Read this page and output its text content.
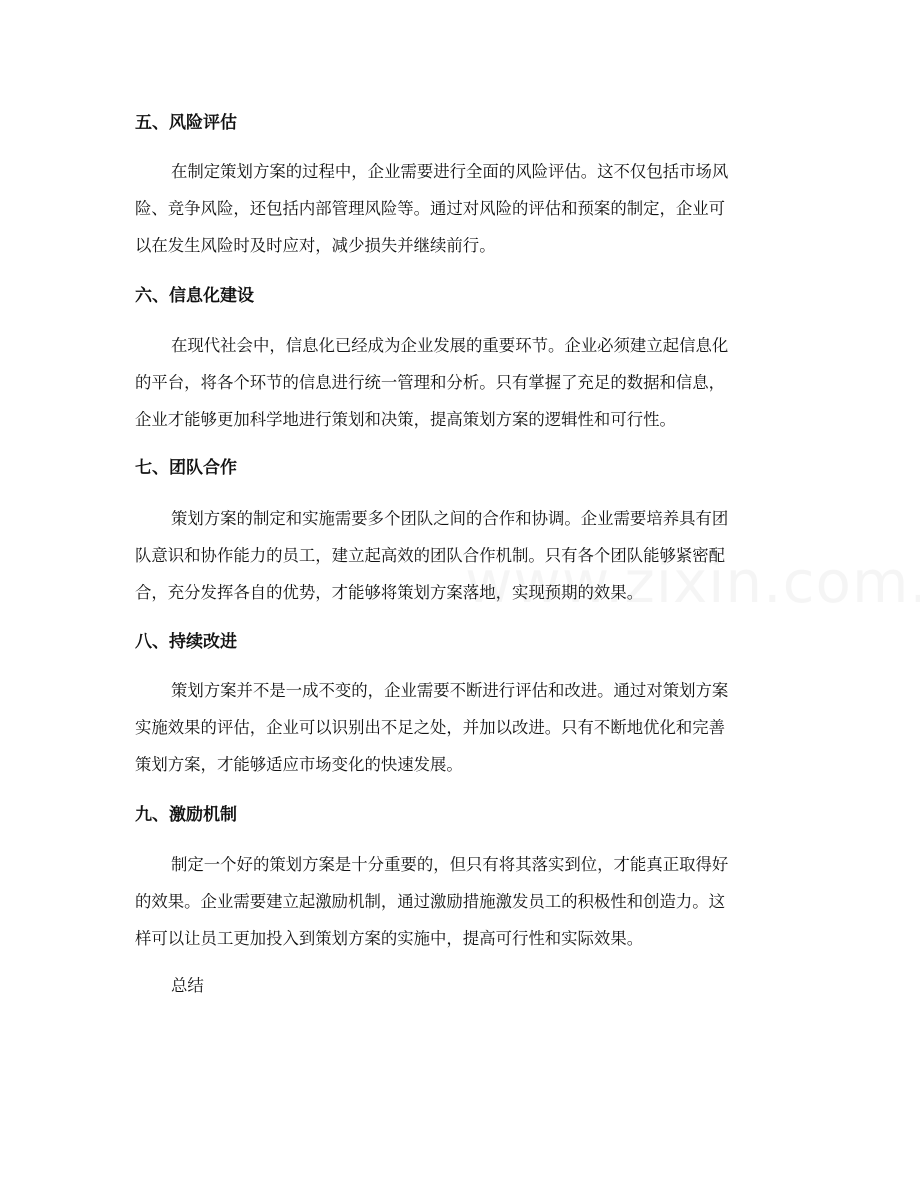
五、风险评估

在制定策划方案的过程中，企业需要进行全面的风险评估。这不仅包括市场风
险、竞争风险，还包括内部管理风险等。通过对风险的评估和预案的制定，企业可
以在发生风险时及时应对，减少损失并继续前行。

六、信息化建设

在现代社会中，信息化已经成为企业发展的重要环节。企业必须建立起信息化
的平台，将各个环节的信息进行统一管理和分析。只有掌握了充足的数据和信息，
企业才能够更加科学地进行策划和决策，提高策划方案的逻辑性和可行性。

七、团队合作

策划方案的制定和实施需要多个团队之间的合作和协调。企业需要培养具有团
队意识和协作能力的员工，建立起高效的团队合作机制。只有各个团队能够紧密配
合，充分发挥各自的优势，才能够将策划方案落地，实现预期的效果。

八、持续改进

策划方案并不是一成不变的，企业需要不断进行评估和改进。通过对策划方案
实施效果的评估，企业可以识别出不足之处，并加以改进。只有不断地优化和完善
策划方案，才能够适应市场变化的快速发展。

九、激励机制

制定一个好的策划方案是十分重要的，但只有将其落实到位，才能真正取得好
的效果。企业需要建立起激励机制，通过激励措施激发员工的积极性和创造力。这
样可以让员工更加投入到策划方案的实施中，提高可行性和实际效果。

总结
